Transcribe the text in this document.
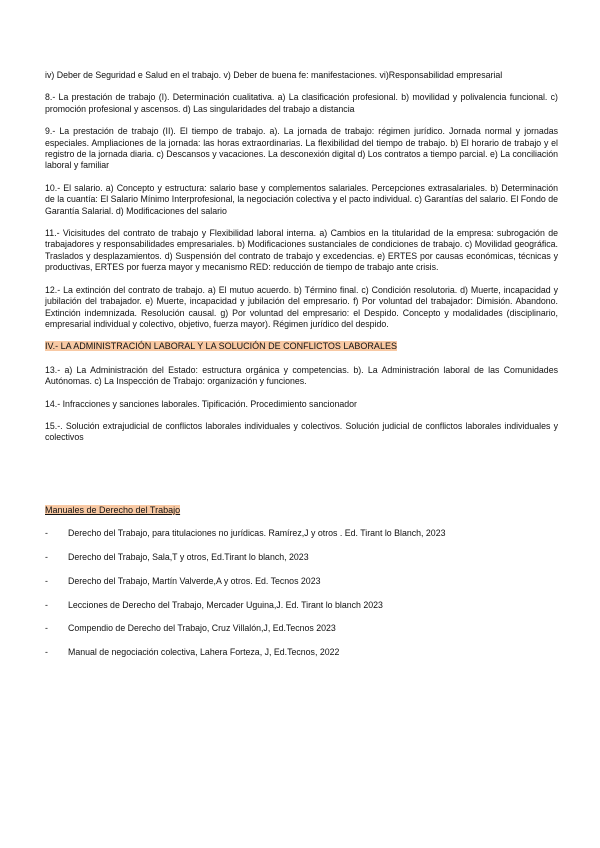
iv) Deber de Seguridad e Salud en el trabajo. v) Deber de buena fe: manifestaciones. vi)Responsabilidad empresarial

8.- La prestación de trabajo (I). Determinación cualitativa. a) La clasificación profesional. b) movilidad y polivalencia funcional. c) promoción profesional y ascensos. d) Las singularidades del trabajo a distancia

9.- La prestación de trabajo (II). El tiempo de trabajo. a). La jornada de trabajo: régimen jurídico. Jornada normal y jornadas especiales. Ampliaciones de la jornada: las horas extraordinarias. La flexibilidad del tiempo de trabajo. b) El horario de trabajo y el registro de la jornada diaria. c) Descansos y vacaciones. La desconexión digital d) Los contratos a tiempo parcial. e) La conciliación laboral y familiar

10.- El salario. a) Concepto y estructura: salario base y complementos salariales. Percepciones extrasalariales. b) Determinación de la cuantía: El Salario Mínimo Interprofesional, la negociación colectiva y el pacto individual. c) Garantías del salario. El Fondo de Garantía Salarial. d) Modificaciones del salario

11.- Vicisitudes del contrato de trabajo y Flexibilidad laboral interna. a) Cambios en la titularidad de la empresa: subrogación de trabajadores y responsabilidades empresariales. b) Modificaciones sustanciales de condiciones de trabajo. c) Movilidad geográfica. Traslados y desplazamientos. d) Suspensión del contrato de trabajo y excedencias. e) ERTES por causas económicas, técnicas y productivas, ERTES por fuerza mayor y mecanismo RED: reducción de tiempo de trabajo ante crisis.

12.- La extinción del contrato de trabajo. a) El mutuo acuerdo. b) Término final. c) Condición resolutoria. d) Muerte, incapacidad y jubilación del trabajador. e) Muerte, incapacidad y jubilación del empresario. f) Por voluntad del trabajador: Dimisión. Abandono. Extinción indemnizada. Resolución causal. g) Por voluntad del empresario: el Despido. Concepto y modalidades (disciplinario, empresarial individual y colectivo, objetivo, fuerza mayor). Régimen jurídico del despido.

IV.- LA ADMINISTRACIÓN LABORAL Y LA SOLUCIÓN DE CONFLICTOS LABORALES

13.- a) La Administración del Estado: estructura orgánica y competencias. b). La Administración laboral de las Comunidades Autónomas. c) La Inspección de Trabajo: organización y funciones.

14.- Infracciones y sanciones laborales. Tipificación. Procedimiento sancionador

15.-. Solución extrajudicial de conflictos laborales individuales y colectivos. Solución judicial de conflictos laborales individuales y colectivos

Manuales de Derecho del Trabajo

- Derecho del Trabajo, para titulaciones no jurídicas. Ramírez,J y otros . Ed. Tirant lo Blanch, 2023
- Derecho del Trabajo, Sala,T y otros, Ed.Tirant lo blanch, 2023
- Derecho del Trabajo, Martín Valverde,A y otros. Ed. Tecnos 2023
- Lecciones de Derecho del Trabajo, Mercader Uguina,J. Ed. Tirant lo blanch 2023
- Compendio de Derecho del Trabajo, Cruz Villalón,J, Ed.Tecnos 2023
- Manual de negociación colectiva, Lahera Forteza, J, Ed.Tecnos, 2022
